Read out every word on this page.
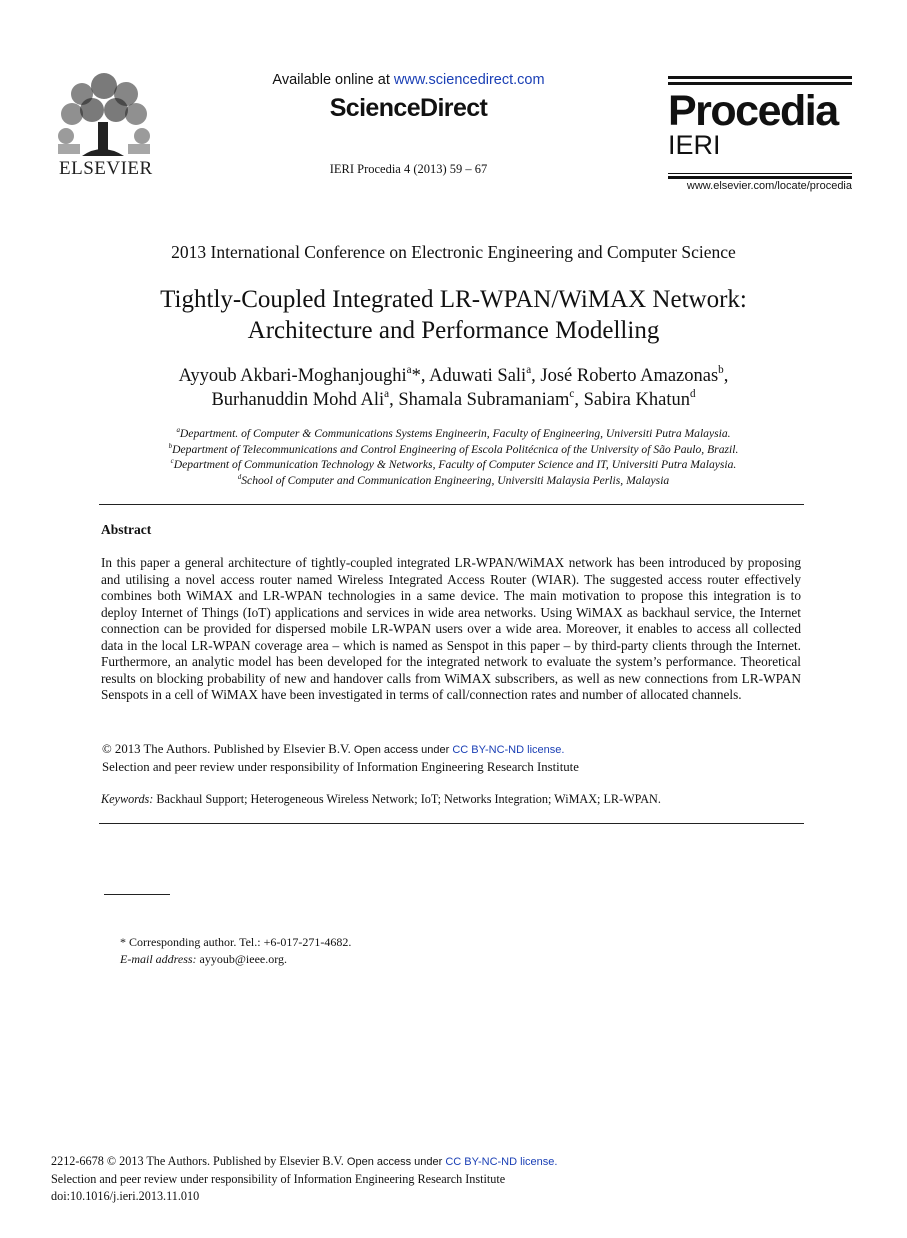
ELSEVIER
Available online at www.sciencedirect.com
ScienceDirect
IERI Procedia 4 (2013) 59 – 67
Procedia
IERI
www.elsevier.com/locate/procedia
2013 International Conference on Electronic Engineering and Computer Science
Tightly-Coupled Integrated LR-WPAN/WiMAX Network:
Architecture and Performance Modelling
Ayyoub Akbari-Moghanjoughi$^a$*, Aduwati Sali$^a$, José Roberto Amazonas$^b$,
Burhanuddin Mohd Ali$^a$, Shamala Subramaniam$^c$, Sabira Khatun$^d$
$^a$Department. of Computer & Communications Systems Engineerin, Faculty of Engineering, Universiti Putra Malaysia.
$^b$Department of Telecommunications and Control Engineering of Escola Politécnica of the University of São Paulo, Brazil.
$^c$Department of Communication Technology & Networks, Faculty of Computer Science and IT, Universiti Putra Malaysia.
$^d$School of Computer and Communication Engineering, Universiti Malaysia Perlis, Malaysia
Abstract
In this paper a general architecture of tightly-coupled integrated LR-WPAN/WiMAX network has been introduced by proposing and utilising a novel access router named Wireless Integrated Access Router (WIAR). The suggested access router effectively combines both WiMAX and LR-WPAN technologies in a same device. The main motivation to propose this integration is to deploy Internet of Things (IoT) applications and services in wide area networks. Using WiMAX as backhaul service, the Internet connection can be provided for dispersed mobile LR-WPAN users over a wide area. Moreover, it enables to access all collected data in the local LR-WPAN coverage area – which is named as Senspot in this paper – by third-party clients through the Internet. Furthermore, an analytic model has been developed for the integrated network to evaluate the system’s performance. Theoretical results on blocking probability of new and handover calls from WiMAX subscribers, as well as new connections from LR-WPAN Senspots in a cell of WiMAX have been investigated in terms of call/connection rates and number of allocated channels.
© 2013 The Authors. Published by Elsevier B.V. Open access under CC BY-NC-ND license.
Selection and peer review under responsibility of Information Engineering Research Institute
Keywords: Backhaul Support; Heterogeneous Wireless Network; IoT; Networks Integration; WiMAX; LR-WPAN.
* Corresponding author. Tel.: +6-017-271-4682.
E-mail address: ayyoub@ieee.org.
2212-6678 © 2013 The Authors. Published by Elsevier B.V. Open access under CC BY-NC-ND license.
Selection and peer review under responsibility of Information Engineering Research Institute
doi:10.1016/j.ieri.2013.11.010
